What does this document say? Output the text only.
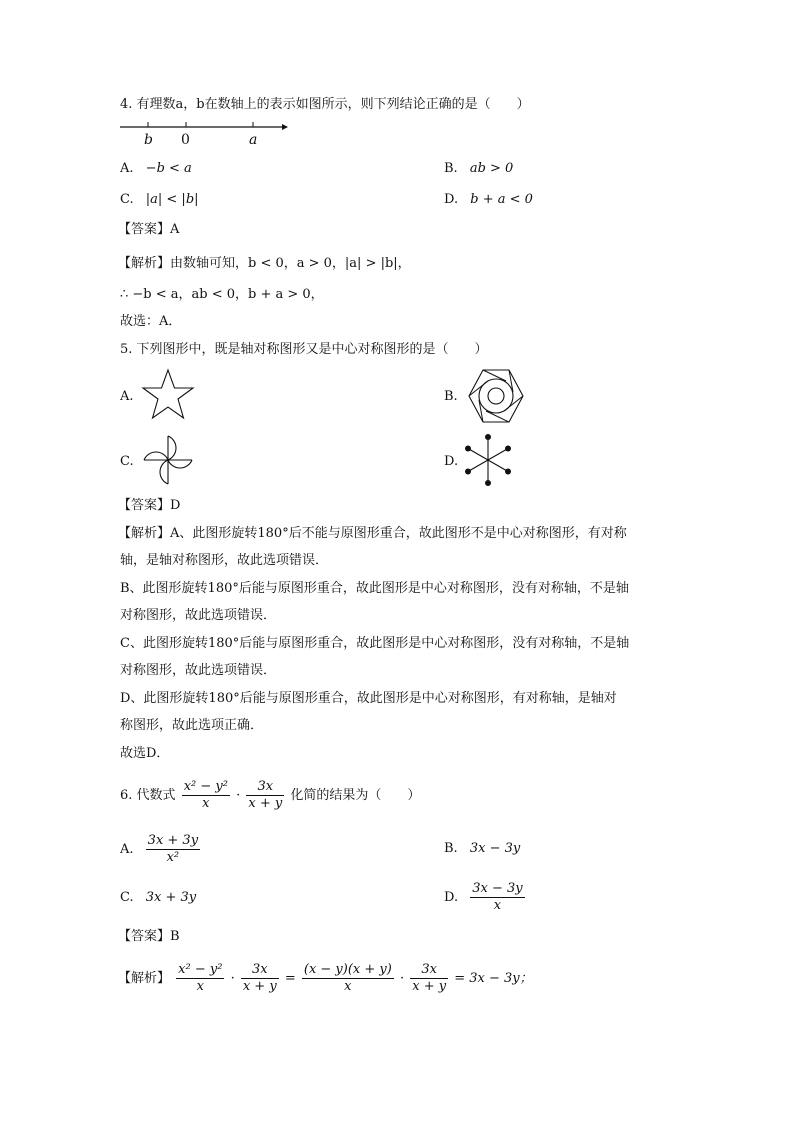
4. 有理数a，b在数轴上的表示如图所示，则下列结论正确的是（　　）
b 0	a
A. −b < a	B. ab > 0
C. |a| < |b|	D. b + a < 0
【答案】A
【解析】由数轴可知，b < 0，a > 0，|a| > |b|，
∴ −b < a，ab < 0，b + a > 0，
故选：A．
5. 下列图形中，既是轴对称图形又是中心对称图形的是（　　）
A.	B.
C.	D.
【答案】D
【解析】A、此图形旋转180°后不能与原图形重合，故此图形不是中心对称图形，有对称
轴，是轴对称图形，故此选项错误．
B、此图形旋转180°后能与原图形重合，故此图形是中心对称图形，没有对称轴，不是轴
对称图形，故此选项错误．
C、此图形旋转180°后能与原图形重合，故此图形是中心对称图形，没有对称轴，不是轴
对称图形，故此选项错误．
D、此图形旋转180°后能与原图形重合，故此图形是中心对称图形，有对称轴，是轴对
称图形，故此选项正确．
故选D．
6. 代数式 $\frac{\text{x² − y²}}{x} \cdot \frac{3x}{x + y}$ 化简的结果为（　　）
A. $\frac{3x + 3y}{\text{x²}}$	B. 3x − 3y
C. 3x + 3y	D. $\frac{3x - 3y}{x}$
【答案】B
【解析】 $\frac{\text{x² − y²}}{x} \cdot \frac{3x}{x + y} = \frac{(x - y)(x + y)}{x} \cdot \frac{3x}{x + y} = 3x - 3y$；
